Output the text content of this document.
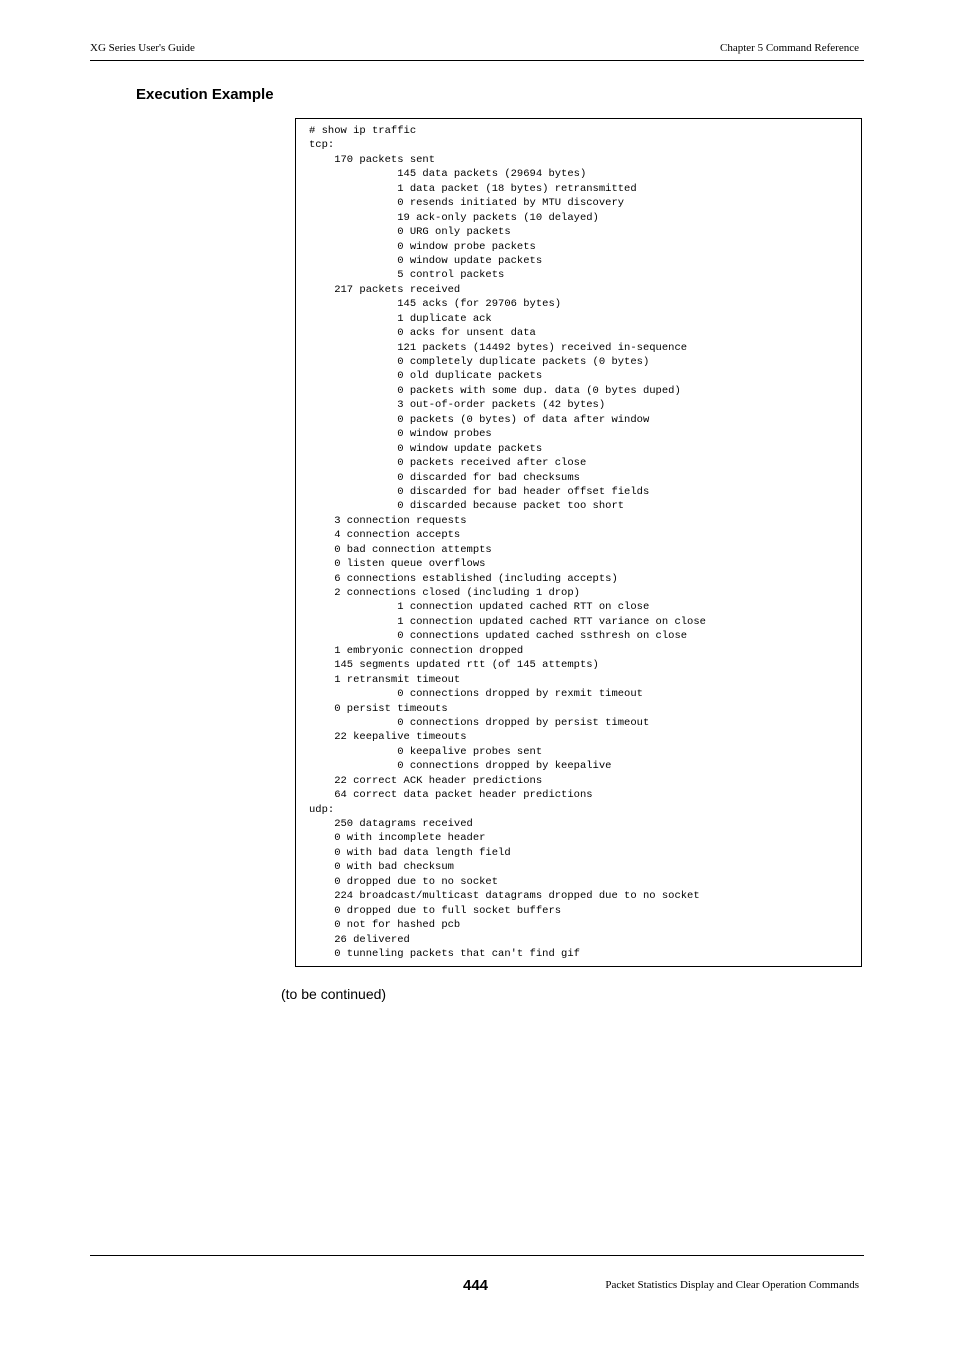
XG Series User's Guide	Chapter 5 Command Reference
Execution Example
# show ip traffic
tcp:
170 packets sent
145 data packets (29694 bytes)
1 data packet (18 bytes) retransmitted
0 resends initiated by MTU discovery
19 ack-only packets (10 delayed)
0 URG only packets
0 window probe packets
0 window update packets
5 control packets
217 packets received
145 acks (for 29706 bytes)
1 duplicate ack
0 acks for unsent data
121 packets (14492 bytes) received in-sequence
0 completely duplicate packets (0 bytes)
0 old duplicate packets
0 packets with some dup. data (0 bytes duped)
3 out-of-order packets (42 bytes)
0 packets (0 bytes) of data after window
0 window probes
0 window update packets
0 packets received after close
0 discarded for bad checksums
0 discarded for bad header offset fields
0 discarded because packet too short
3 connection requests
4 connection accepts
0 bad connection attempts
0 listen queue overflows
6 connections established (including accepts)
2 connections closed (including 1 drop)
1 connection updated cached RTT on close
1 connection updated cached RTT variance on close
0 connections updated cached ssthresh on close
1 embryonic connection dropped
145 segments updated rtt (of 145 attempts)
1 retransmit timeout
0 connections dropped by rexmit timeout
0 persist timeouts
0 connections dropped by persist timeout
22 keepalive timeouts
0 keepalive probes sent
0 connections dropped by keepalive
22 correct ACK header predictions
64 correct data packet header predictions
udp:
250 datagrams received
0 with incomplete header
0 with bad data length field
0 with bad checksum
0 dropped due to no socket
224 broadcast/multicast datagrams dropped due to no socket
0 dropped due to full socket buffers
0 not for hashed pcb
26 delivered
0 tunneling packets that can't find gif
(to be continued)
444	Packet Statistics Display and Clear Operation Commands
